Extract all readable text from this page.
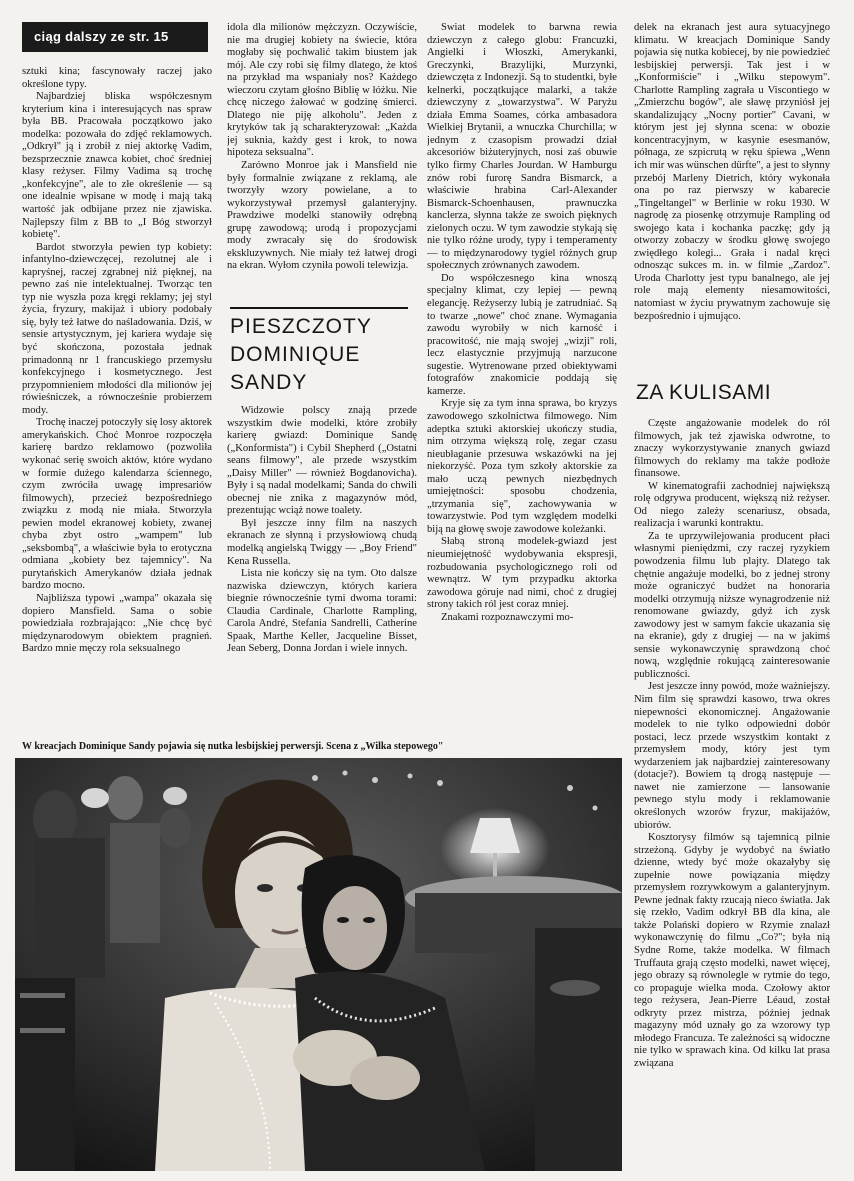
ciąg dalszy ze str. 15

sztuki kina; fascynowały raczej jako określone typy.

Najbardziej bliska współczesnym kryterium kina i interesujących nas spraw była BB. Pracowała początkowo jako modelka: pozowała do zdjęć reklamowych. „Odkrył" ją i zrobił z niej aktorkę Vadim, bezsprzecznie znawca kobiet, choć średniej klasy reżyser. Filmy Vadima są trochę „konfekcyjne", ale to złe określenie — są one idealnie wpisane w modę i mają taką wartość jak odbijane przez nie zjawiska. Najlepszy film z BB to „I Bóg stworzył kobietę".

Bardot stworzyła pewien typ kobiety: infantylno-dziewczęcej, rezolutnej ale i kapryśnej, raczej zgrabnej niż pięknej, na pewno zaś nie intelektualnej. Tworząc ten typ nie wyszła poza kręgi reklamy; jej styl życia, fryzury, makijaż i ubiory podobały się, były też łatwe do naśladowania. Dziś, w sensie artystycznym, jej kariera wydaje się być skończona, pozostała jednak primadonną nr 1 francuskiego przemysłu konfekcyjnego i kosmetycznego. Jest przypomnieniem młodości dla milionów jej rówieśniczek, a równocześnie probierzem mody.

Trochę inaczej potoczyły się losy aktorek amerykańskich. Choć Monroe rozpoczęła karierę bardzo reklamowo (pozwoliła wykonać serię swoich aktów, które wydano w formie dużego kalendarza ściennego, czym zwróciła uwagę impresariów filmowych), przecież bezpośredniego związku z modą nie miała. Stworzyła pewien model ekranowej kobiety, zwanej chyba zbyt ostro „wampem" lub „seksbombą", a właściwie była to erotyczna odmiana „kobiety bez tajemnicy". Na purytańskich Amerykanów działa jednak bardzo mocno.

Najbliższa typowi „wampa" okazała się dopiero Mansfield. Sama o sobie powiedziała rozbrajająco: „Nie chcę być międzynarodowym obiektem pragnień. Bardzo mnie męczy rola seksualnego

idola dla milionów mężczyzn. Oczywiście, nie ma drugiej kobiety na świecie, która mogłaby się pochwalić takim biustem jak mój. Ale czy robi się filmy dlatego, że ktoś na przykład ma wspaniały nos? Każdego wieczoru czytam głośno Biblię w łóżku. Nie chcę niczego żałować w godzinę śmierci. Dlatego nie piję alkoholu". Jeden z krytyków tak ją scharakteryzował: „Każda jej suknia, każdy gest i krok, to nowa hipoteza seksualna".

Zarówno Monroe jak i Mansfield nie były formalnie związane z reklamą, ale tworzyły wzory powielane, a to wykorzystywał przemysł galanteryjny. Prawdziwe modelki stanowiły odrębną grupę zawodową; urodą i propozycjami mody zwracały się do środowisk ekskluzywnych. Nie miały też łatwej drogi na ekran. Wyłom czyniła powoli telewizja.

PIESZCZOTY
DOMINIQUE
SANDY

Widzowie polscy znają przede wszystkim dwie modelki, które zrobiły karierę gwiazd: Dominique Sandę („Konformista") i Cybil Shepherd („Ostatni seans filmowy", ale przede wszystkim „Daisy Miller" — również Bogdanovicha). Były i są nadal modelkami; Sanda do chwili obecnej nie znika z magazynów mód, prezentując wciąż nowe toalety.

Był jeszcze inny film na naszych ekranach ze słynną i przysłowiową chudą modelką angielską Twiggy — „Boy Friend" Kena Russella.

Lista nie kończy się na tym. Oto dalsze nazwiska dziewczyn, których kariera biegnie równocześnie tymi dwoma torami: Claudia Cardinale, Charlotte Rampling, Carola André, Stefania Sandrelli, Catherine Spaak, Marthe Keller, Jacqueline Bisset, Jean Seberg, Donna Jordan i wiele innych.

Świat modelek to barwna rewia dziewczyn z całego globu: Francuzki, Angielki i Włoszki, Amerykanki, Greczynki, Brazylijki, Murzynki, dziewczęta z Indonezji. Są to studentki, byłe kelnerki, początkujące malarki, a także dziewczyny z „towarzystwa". W Paryżu działa Emma Soames, córka ambasadora Wielkiej Brytanii, a wnuczka Churchilla; w jednym z czasopism prowadzi dział akcesoriów biżuteryjnych, nosi zaś obuwie tylko firmy Charles Jourdan. W Hamburgu znów robi furorę Sandra Bismarck, a właściwie hrabina Carl-Alexander Bismarck-Schoenhausen, prawnuczka kanclerza, słynna także ze swoich pięknych zielonych oczu. W tym zawodzie stykają się nie tylko różne urody, typy i temperamenty — to międzynarodowy tygiel różnych grup społecznych zrównanych zawodem.

Do współczesnego kina wnoszą specjalny klimat, czy lepiej — pewną elegancję. Reżyserzy lubią je zatrudniać. Są to twarze „nowe" choć znane. Wymagania zawodu wyrobiły w nich karność i pracowitość, nie mają swojej „wizji" roli, lecz elastycznie przyjmują narzucone sugestie. Wytrenowane przed obiektywami fotografów znakomicie poddają się kamerze.

Kryje się za tym inna sprawa, bo kryzys zawodowego szkolnictwa filmowego. Nim adeptka sztuki aktorskiej ukończy studia, nim otrzyma większą rolę, zegar czasu nieubłaganie przesuwa wskazówki na jej niekorzyść. Poza tym szkoły aktorskie za mało uczą pewnych niezbędnych umiejętności: sposobu chodzenia, „trzymania się", zachowywania w towarzystwie. Pod tym względem modelki biją na głowę swoje zawodowe koleżanki.

Słabą stroną modelek-gwiazd jest nieumiejętność wydobywania ekspresji, rozbudowania psychologicznego roli od wewnątrz. W tym przypadku aktorka zawodowa góruje nad nimi, choć z drugiej strony takich ról jest coraz mniej.

Znakami rozpoznawczymi mo-

delek na ekranach jest aura sytuacyjnego klimatu. W kreacjach Dominique Sandy pojawia się nutka kobiecej, by nie powiedzieć lesbijskiej perwersji. Tak jest i w „Konformiście" i „Wilku stepowym". Charlotte Rampling zagrała u Viscontiego w „Zmierzchu bogów", ale sławę przyniósł jej skandalizujący „Nocny portier" Cavani, w którym jest jej słynna scena: w obozie koncentracyjnym, w kasynie esesmanów, półnaga, ze szpicrutą w ręku śpiewa „Wenn ich mir was wünschen dürfte", a jest to słynny przebój Marleny Dietrich, który wykonała ona po raz pierwszy w kabarecie „Tingeltangel" w Berlinie w roku 1930. W nagrodę za piosenkę otrzymuje Rampling od swojego kata i kochanka paczkę; gdy ją otworzy zobaczy w środku głowę swojego zwiędłego kolegi... Grała i nadal kręci odnosząc sukces m. in. w filmie „Zardoz". Uroda Charlotty jest typu banalnego, ale jej role mają elementy niesamowitości, natomiast w życiu prywatnym zachowuje się bezpośrednio i ujmująco.

ZA KULISAMI

Częste angażowanie modelek do ról filmowych, jak też zjawiska odwrotne, to znaczy wykorzystywanie znanych gwiazd filmowych do reklamy ma także podłoże finansowe.

W kinematografii zachodniej największą rolę odgrywa producent, większą niż reżyser. Od niego zależy scenariusz, obsada, realizacja i warunki kontraktu.

Za te uprzywilejowania producent płaci własnymi pieniędzmi, czy raczej ryzykiem powodzenia filmu lub plajty. Dlatego tak chętnie angażuje modelki, bo z jednej strony może ograniczyć budżet na honoraria modelki otrzymują niższe wynagrodzenie niż renomowane gwiazdy, gdyż ich zysk zawodowy jest w samym fakcie ukazania się na ekranie), gdy z drugiej — na w jakimś sensie wykonawczynię sprawdzoną choć nową, względnie rokującą zainteresowanie publiczności.

Jest jeszcze inny powód, może ważniejszy. Nim film się sprawdzi kasowo, trwa okres niepewności ekonomicznej. Angażowanie modelek to nie tylko odpowiedni dobór postaci, lecz przede wszystkim kontakt z przemysłem mody, który jest tym wydarzeniem jak najbardziej zainteresowany (dotacje?). Bowiem tą drogą następuje — nawet nie zamierzone — lansowanie pewnego stylu mody i reklamowanie określonych wzorów fryzur, makijażów, ubiorów.

Kosztorysy filmów są tajemnicą pilnie strzeżoną. Gdyby je wydobyć na światło dzienne, wtedy być może okazałyby się zupełnie nowe powiązania między przemysłem rozrywkowym a galanteryjnym. Pewne jednak fakty rzucają nieco światła. Jak się rzekło, Vadim odkrył BB dla kina, ale także Polański dopiero w Rzymie znalazł wykonawczynię do filmu „Co?"; była nią Sydne Rome, także modelka. W filmach Truffauta grają często modelki, nawet więcej, jego obrazy są równolegle w rytmie do tego, co propaguje wielka moda. Czołowy aktor tego reżysera, Jean-Pierre Léaud, został odkryty przez mistrza, później jednak magazyny mód uznały go za wzorowy typ młodego Francuza. Te zależności są widoczne nie tylko w sprawach kina. Od kilku lat prasa związana

W kreacjach Dominique Sandy pojawia się nutka lesbijskiej perwersji. Scena z „Wilka stepowego"
